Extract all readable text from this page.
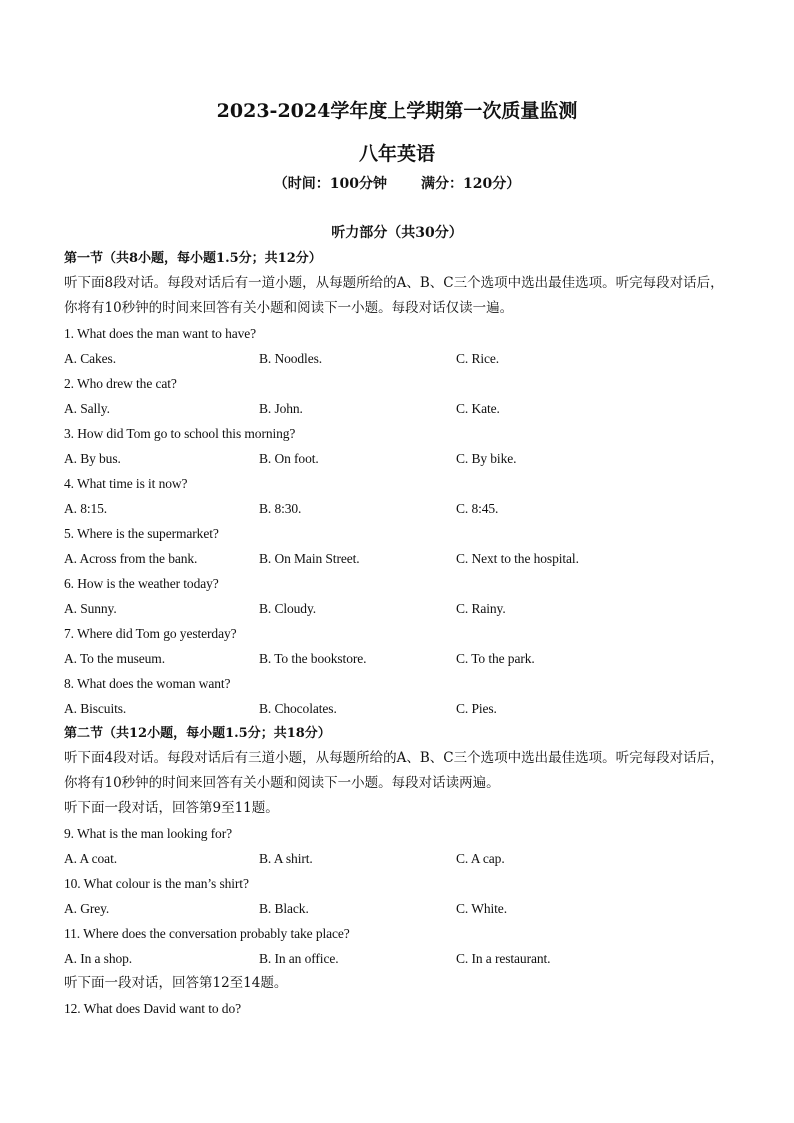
2023-2024学年度上学期第一次质量监测
八年英语
（时间：100分钟 满分：120分）
听力部分（共30分）
第一节（共8小题，每小题1.5分；共12分）
听下面8段对话。每段对话后有一道小题，从每题所给的A、B、C三个选项中选出最佳选项。听完每段对话后，
你将有10秒钟的时间来回答有关小题和阅读下一小题。每段对话仅读一遍。
1. What does the man want to have?
A. Cakes.	B. Noodles.	C. Rice.
2. Who drew the cat?
A. Sally.	B. John.	C. Kate.
3. How did Tom go to school this morning?
A. By bus.	B. On foot.	C. By bike.
4. What time is it now?
A. 8:15.	B. 8:30.	C. 8:45.
5. Where is the supermarket?
A. Across from the bank.	B. On Main Street.	C. Next to the hospital.
6. How is the weather today?
A. Sunny.	B. Cloudy.	C. Rainy.
7. Where did Tom go yesterday?
A. To the museum.	B. To the bookstore.	C. To the park.
8. What does the woman want?
A. Biscuits.	B. Chocolates.	C. Pies.
第二节（共12小题，每小题1.5分；共18分）
听下面4段对话。每段对话后有三道小题，从每题所给的A、B、C三个选项中选出最佳选项。听完每段对话后，
你将有10秒钟的时间来回答有关小题和阅读下一小题。每段对话读两遍。
听下面一段对话，回答第9至11题。
9. What is the man looking for?
A. A coat.	B. A shirt.	C. A cap.
10. What colour is the man’s shirt?
A. Grey.	B. Black.	C. White.
11. Where does the conversation probably take place?
A. In a shop.	B. In an office.	C. In a restaurant.
听下面一段对话，回答第12至14题。
12. What does David want to do?
